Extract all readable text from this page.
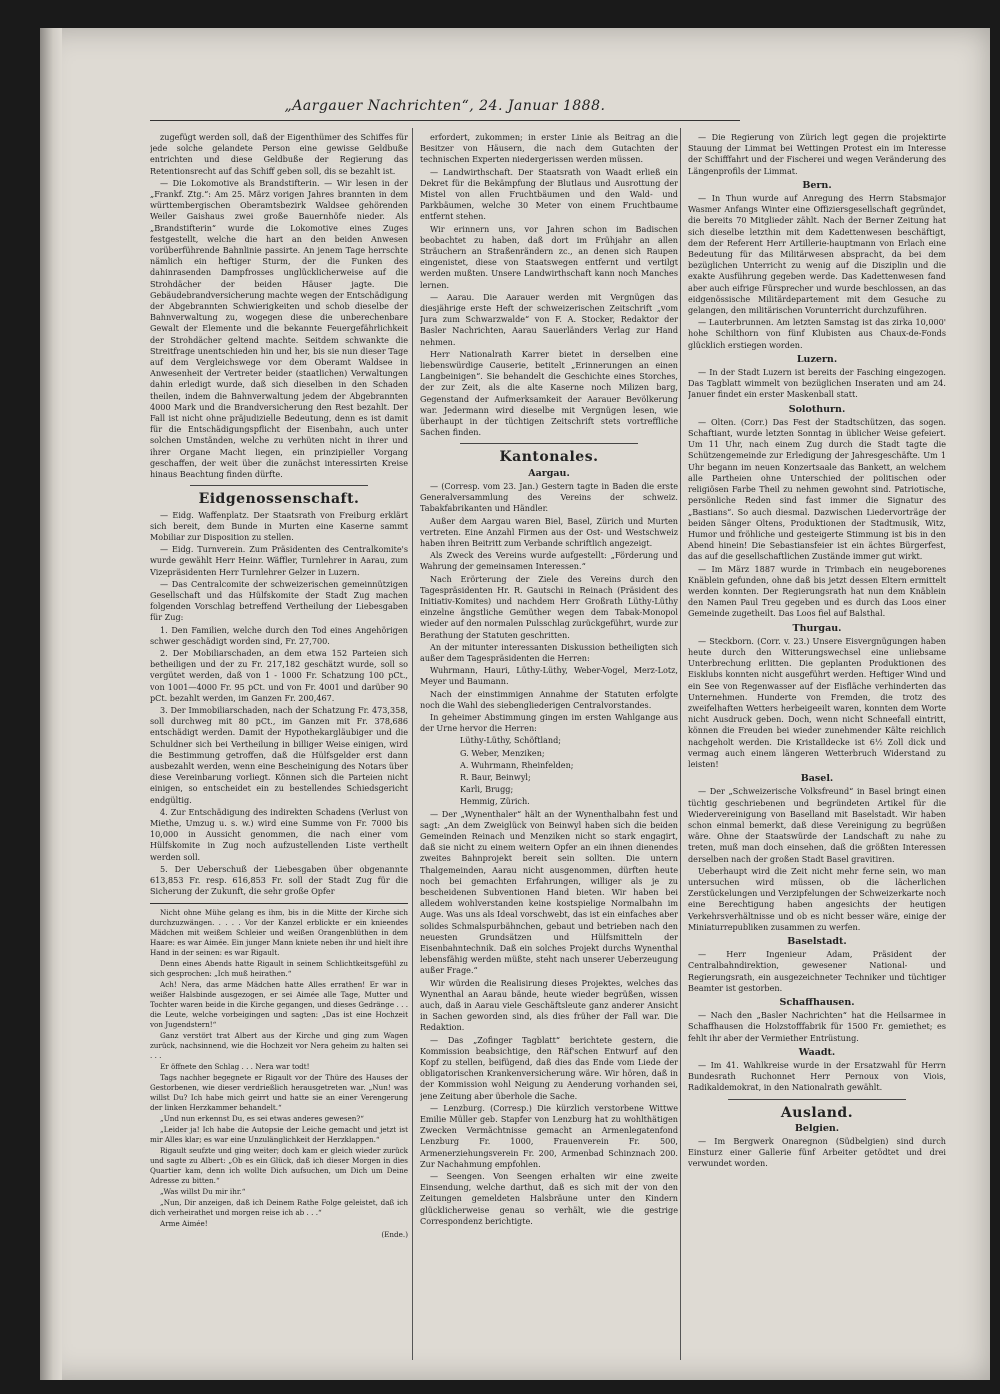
„Aargauer Nachrichten“, 24. Januar 1888.

zugefügt werden soll, daß der Eigenthümer des Schiffes für jede solche gelandete Person eine gewisse Geldbuße entrichten und diese Geldbuße der Regierung das Retentionsrecht auf das Schiff geben soll, dis se bezahlt ist.

— Die Lokomotive als Brandstifterin. — Wir lesen in der „Frankf. Ztg.“: Am 25. März vorigen Jahres brannten in dem württembergischen Oberamtsbezirk Waldsee gehörenden Weiler Gaishaus zwei große Bauernhöfe nieder. Als „Brandstifterin“ wurde die Lokomotive eines Zuges festgestellt, welche die hart an den beiden Anwesen vorüberführende Bahnlinie passirte. An jenem Tage herrschte nämlich ein heftiger Sturm, der die Funken des dahinrasenden Dampfrosses unglücklicherweise auf die Strohdächer der beiden Häuser jagte. Die Gebäudebrandversicherung machte wegen der Entschädigung der Abgebrannten Schwierigkeiten und schob dieselbe der Bahnverwaltung zu, wogegen diese die unberechenbare Gewalt der Elemente und die bekannte Feuergefährlichkeit der Strohdächer geltend machte. Seitdem schwankte die Streitfrage unentschieden hin und her, bis sie nun dieser Tage auf dem Vergleichswege vor dem Oberamt Waldsee in Anwesenheit der Vertreter beider (staatlichen) Verwaltungen dahin erledigt wurde, daß sich dieselben in den Schaden theilen, indem die Bahnverwaltung jedem der Abgebrannten 4000 Mark und die Brandversicherung den Rest bezahlt. Der Fall ist nicht ohne präjudizielle Bedeutung, denn es ist damit für die Entschädigungspflicht der Eisenbahn, auch unter solchen Umständen, welche zu verhüten nicht in ihrer und ihrer Organe Macht liegen, ein prinzipieller Vorgang geschaffen, der weit über die zunächst interessirten Kreise hinaus Beachtung finden dürfte.

Eidgenossenschaft.

— Eidg. Waffenplatz. Der Staatsrath von Freiburg erklärt sich bereit, dem Bunde in Murten eine Kaserne sammt Mobiliar zur Disposition zu stellen.

— Eidg. Turnverein. Zum Präsidenten des Centralkomite's wurde gewählt Herr Heinr. Wäffler, Turnlehrer in Aarau, zum Vizepräsidenten Herr Turnlehrer Gelzer in Luzern.

— Das Centralcomite der schweizerischen gemeinnützigen Gesellschaft und das Hülfskomite der Stadt Zug machen folgenden Vorschlag betreffend Vertheilung der Liebesgaben für Zug:

1. Den Familien, welche durch den Tod eines Angehörigen schwer geschädigt worden sind, Fr. 27,700.

2. Der Mobiliarschaden, an dem etwa 152 Parteien sich betheiligen und der zu Fr. 217,182 geschätzt wurde, soll so vergütet werden, daß von 1 - 1000 Fr. Schatzung 100 pCt., von 1001—4000 Fr. 95 pCt. und von Fr. 4001 und darüber 90 pCt. bezahlt werden, im Ganzen Fr. 200,467.

3. Der Immobiliarschaden, nach der Schatzung Fr. 473,358, soll durchweg mit 80 pCt., im Ganzen mit Fr. 378,686 entschädigt werden. Damit der Hypothekargläubiger und die Schuldner sich bei Vertheilung in billiger Weise einigen, wird die Bestimmung getroffen, daß die Hülfsgelder erst dann ausbezahlt werden, wenn eine Bescheinigung des Notars über diese Vereinbarung vorliegt. Können sich die Parteien nicht einigen, so entscheidet ein zu bestellendes Schiedsgericht endgültig.

4. Zur Entschädigung des indirekten Schadens (Verlust von Miethe, Umzug u. s. w.) wird eine Summe von Fr. 7000 bis 10,000 in Aussicht genommen, die nach einer vom Hülfskomite in Zug noch aufzustellenden Liste vertheilt werden soll.

5. Der Ueberschuß der Liebesgaben über obgenannte 613,853 Fr. resp. 616,853 Fr. soll der Stadt Zug für die Sicherung der Zukunft, die sehr große Opfer

Nicht ohne Mühe gelang es ihm, bis in die Mitte der Kirche sich durchzuzwängen. . . . . Vor der Kanzel erblickte er ein knieendes Mädchen mit weißem Schleier und weißen Orangenblüthen in dem Haare: es war Aimée. Ein junger Mann kniete neben ihr und hielt ihre Hand in der seinen: es war Rigault.

Denn eines Abends hatte Rigault in seinem Schlichtkeitsgefühl zu sich gesprochen: „Ich muß heirathen.“

Ach! Nera, das arme Mädchen hatte Alles errathen! Er war in weißer Halsbinde ausgezogen, er sei Aimée alle Tage, Mutter und Tochter waren beide in die Kirche gegangen, und dieses Gedränge . . . die Leute, welche vorbeigingen und sagten: „Das ist eine Hochzeit von Jugendstern!“

Ganz verstört trat Albert aus der Kirche und ging zum Wagen zurück, nachsinnend, wie die Hochzeit vor Nera geheim zu halten sei . . .

Er öffnete den Schlag . . . Nera war todt!

Tags nachher begegnete er Rigault vor der Thüre des Hauses der Gestorbenen, wie dieser verdrießlich herausgetreten war. „Nun! was willst Du? Ich habe mich geirrt und hatte sie an einer Verengerung der linken Herzkammer behandelt.“

„Und nun erkennst Du, es sei etwas anderes gewesen?“

„Leider ja! Ich habe die Autopsie der Leiche gemacht und jetzt ist mir Alles klar; es war eine Unzulänglichkeit der Herzklappen.“

Rigault seufzte und ging weiter; doch kam er gleich wieder zurück und sagte zu Albert: „Ob es ein Glück, daß ich dieser Morgen in dies Quartier kam, denn ich wollte Dich aufsuchen, um Dich um Deine Adresse zu bitten.“

„Was willst Du mir ihr.“

„Nun, Dir anzeigen, daß ich Deinem Rathe Folge geleistet, daß ich dich verheirathet und morgen reise ich ab . . .“

Arme Aimée!

(Ende.)

erfordert, zukommen; in erster Linie als Beitrag an die Besitzer von Häusern, die nach dem Gutachten der technischen Experten niedergerissen werden müssen.

— Landwirthschaft. Der Staatsrath von Waadt erließ ein Dekret für die Bekämpfung der Blutlaus und Ausrottung der Mistel von allen Fruchtbäumen und den Wald- und Parkbäumen, welche 30 Meter von einem Fruchtbaume entfernt stehen.

Wir erinnern uns, vor Jahren schon im Badischen beobachtet zu haben, daß dort im Frühjahr an allen Sträuchern an Straßenrändern zc., an denen sich Raupen eingenistet, diese von Staatswegen entfernt und vertilgt werden mußten. Unsere Landwirthschaft kann noch Manches lernen.

— Aarau. Die Aarauer werden mit Vergnügen das diesjährige erste Heft der schweizerischen Zeitschrift „vom Jura zum Schwarzwalde“ von F. A. Stocker, Redaktor der Basler Nachrichten, Aarau Sauerländers Verlag zur Hand nehmen.

Herr Nationalrath Karrer bietet in derselben eine liebenswürdige Causerie, betitelt „Erinnerungen an einen Langbeinigen“. Sie behandelt die Geschichte eines Storches, der zur Zeit, als die alte Kaserne noch Milizen barg, Gegenstand der Aufmerksamkeit der Aarauer Bevölkerung war. Jedermann wird dieselbe mit Vergnügen lesen, wie überhaupt in der tüchtigen Zeitschrift stets vortreffliche Sachen finden.

Kantonales.
Aargau.

— (Corresp. vom 23. Jan.) Gestern tagte in Baden die erste Generalversammlung des Vereins der schweiz. Tabakfabrikanten und Händler.

Außer dem Aargau waren Biel, Basel, Zürich und Murten vertreten. Eine Anzahl Firmen aus der Ost- und Westschweiz haben ihren Beitritt zum Verbande schriftlich angezeigt.

Als Zweck des Vereins wurde aufgestellt: „Förderung und Wahrung der gemeinsamen Interessen.“

Nach Erörterung der Ziele des Vereins durch den Tagespräsidenten Hr. R. Gautschi in Reinach (Präsident des Initiativ-Komites) und nachdem Herr Großrath Lüthy-Lüthy einzelne ängstliche Gemüther wegen dem Tabak-Monopol wieder auf den normalen Pulsschlag zurückgeführt, wurde zur Berathung der Statuten geschritten.

An der mitunter interessanten Diskussion betheiligten sich außer dem Tagespräsidenten die Herren:

Wuhrmann, Hauri, Lüthy-Lüthy, Weber-Vogel, Merz-Lotz, Meyer und Baumann.

Nach der einstimmigen Annahme der Statuten erfolgte noch die Wahl des siebengliederigen Centralvorstandes.

In geheimer Abstimmung gingen im ersten Wahlgange aus der Urne hervor die Herren:

Lüthy-Lüthy, Schöftland;

G. Weber, Menziken;

A. Wuhrmann, Rheinfelden;

R. Baur, Beinwyl;

Karli, Brugg;

Hemmig, Zürich.

— Der „Wynenthaler“ hält an der Wynenthalbahn fest und sagt: „An dem Zweiglück von Beinwyl haben sich die beiden Gemeinden Reinach und Menziken nicht so stark engagirt, daß sie nicht zu einem weitern Opfer an ein ihnen dienendes zweites Bahnprojekt bereit sein sollten. Die untern Thalgemeinden, Aarau nicht ausgenommen, dürften heute noch bei gemachten Erfahrungen, williger als je zu bescheidenen Subventionen Hand bieten. Wir haben bei alledem wohlverstanden keine kostspielige Normalbahn im Auge. Was uns als Ideal vorschwebt, das ist ein einfaches aber solides Schmalspurbähnchen, gebaut und betrieben nach den neuesten Grundsätzen und Hülfsmitteln der Eisenbahntechnik. Daß ein solches Projekt durchs Wynenthal lebensfähig werden müßte, steht nach unserer Ueberzeugung außer Frage.“

Wir würden die Realisirung dieses Projektes, welches das Wynenthal an Aarau bände, heute wieder begrüßen, wissen auch, daß in Aarau viele Geschäftsleute ganz anderer Ansicht in Sachen geworden sind, als dies früher der Fall war. Die Redaktion.

— Das „Zofinger Tagblatt“ berichtete gestern, die Kommission beabsichtige, den Räf'schen Entwurf auf den Kopf zu stellen, beifügend, daß dies das Ende vom Liede der obligatorischen Krankenversicherung wäre. Wir hören, daß in der Kommission wohl Neigung zu Aenderung vorhanden sei, jene Zeitung aber überhole die Sache.

— Lenzburg. (Corresp.) Die kürzlich verstorbene Wittwe Emilie Müller geb. Stapfer von Lenzburg hat zu wohlthätigen Zwecken Vermächtnisse gemacht an Armenlegatenfond Lenzburg Fr. 1000, Frauenverein Fr. 500, Armenerziehungsverein Fr. 200, Armenbad Schinznach 200. Zur Nachahmung empfohlen.

— Seengen. Von Seengen erhalten wir eine zweite Einsendung, welche darthut, daß es sich mit der von den Zeitungen gemeldeten Halsbräune unter den Kindern glücklicherweise genau so verhält, wie die gestrige Correspondenz berichtigte.

— Die Regierung von Zürich legt gegen die projektirte Stauung der Limmat bei Wettingen Protest ein im Interesse der Schifffahrt und der Fischerei und wegen Veränderung des Längenprofils der Limmat.

Bern.

— In Thun wurde auf Anregung des Herrn Stabsmajor Wasmer Anfangs Winter eine Offiziersgesellschaft gegründet, die bereits 70 Mitglieder zählt. Nach der Berner Zeitung hat sich dieselbe letzthin mit dem Kadettenwesen beschäftigt, dem der Referent Herr Artillerie-hauptmann von Erlach eine Bedeutung für das Militärwesen abspracht, da bei dem bezüglichen Unterricht zu wenig auf die Disziplin und die exakte Ausführung gegeben werde. Das Kadettenwesen fand aber auch eifrige Fürsprecher und wurde beschlossen, an das eidgenössische Militärdepartement mit dem Gesuche zu gelangen, den militärischen Vorunterricht durchzuführen.

— Lauterbrunnen. Am letzten Samstag ist das zirka 10,000' hohe Schilthorn von fünf Klubisten aus Chaux-de-Fonds glücklich erstiegen worden.

Luzern.

— In der Stadt Luzern ist bereits der Fasching eingezogen. Das Tagblatt wimmelt von bezüglichen Inseraten und am 24. Januer findet ein erster Maskenball statt.

Solothurn.

— Olten. (Corr.) Das Fest der Stadtschützen, das sogen. Schaftiant, wurde letzten Sonntag in üblicher Weise gefeiert. Um 11 Uhr, nach einem Zug durch die Stadt tagte die Schützengemeinde zur Erledigung der Jahresgeschäfte. Um 1 Uhr begann im neuen Konzertsaale das Bankett, an welchem alle Partheien ohne Unterschied der politischen oder religiösen Farbe Theil zu nehmen gewohnt sind. Patriotische, persönliche Reden sind fast immer die Signatur des „Bastians“. So auch diesmal. Dazwischen Liedervorträge der beiden Sänger Oltens, Produktionen der Stadtmusik, Witz, Humor und fröhliche und gesteigerte Stimmung ist bis in den Abend hinein! Die Sebastiansfeier ist ein ächtes Bürgerfest, das auf die gesellschaftlichen Zustände immer gut wirkt.

— Im März 1887 wurde in Trimbach ein neugeborenes Knäblein gefunden, ohne daß bis jetzt dessen Eltern ermittelt werden konnten. Der Regierungsrath hat nun dem Knäblein den Namen Paul Treu gegeben und es durch das Loos einer Gemeinde zugetheilt. Das Loos fiel auf Balsthal.

Thurgau.

— Steckborn. (Corr. v. 23.) Unsere Eisvergnügungen haben heute durch den Witterungswechsel eine unliebsame Unterbrechung erlitten. Die geplanten Produktionen des Eisklubs konnten nicht ausgeführt werden. Heftiger Wind und ein See von Regenwasser auf der Eisfläche verhinderten das Unternehmen. Hunderte von Fremden, die trotz des zweifelhaften Wetters herbeigeeilt waren, konnten dem Worte nicht Ausdruck geben. Doch, wenn nicht Schneefall eintritt, können die Freuden bei wieder zunehmender Kälte reichlich nachgeholt werden. Die Kristalldecke ist 6½ Zoll dick und vermag auch einem längeren Wetterbruch Widerstand zu leisten!

Basel.

— Der „Schweizerische Volksfreund“ in Basel bringt einen tüchtig geschriebenen und begründeten Artikel für die Wiedervereinigung von Baselland mit Baselstadt. Wir haben schon einmal bemerkt, daß diese Vereinigung zu begrüßen wäre. Ohne der Staatswürde der Landschaft zu nahe zu treten, muß man doch einsehen, daß die größten Interessen derselben nach der großen Stadt Basel gravitiren.

Ueberhaupt wird die Zeit nicht mehr ferne sein, wo man untersuchen wird müssen, ob die lächerlichen Zerstückelungen und Verzipfelungen der Schweizerkarte noch eine Berechtigung haben angesichts der heutigen Verkehrsverhältnisse und ob es nicht besser wäre, einige der Miniaturrepubliken zusammen zu werfen.

Baselstadt.

— Herr Ingenieur Adam, Präsident der Centralbahndirektion, gewesener National- und Regierungsrath, ein ausgezeichneter Techniker und tüchtiger Beamter ist gestorben.

Schaffhausen.

— Nach den „Basler Nachrichten“ hat die Heilsarmee in Schaffhausen die Holzstofffabrik für 1500 Fr. gemiethet; es fehlt ihr aber der Vermiether Entrüstung.

Waadt.

— Im 41. Wahlkreise wurde in der Ersatzwahl für Herrn Bundesrath Ruchonnet Herr Pernoux von Viois, Radikaldemokrat, in den Nationalrath gewählt.

Ausland.
Belgien.

— Im Bergwerk Onaregnon (Südbelgien) sind durch Einsturz einer Gallerie fünf Arbeiter getödtet und drei verwundet worden.
